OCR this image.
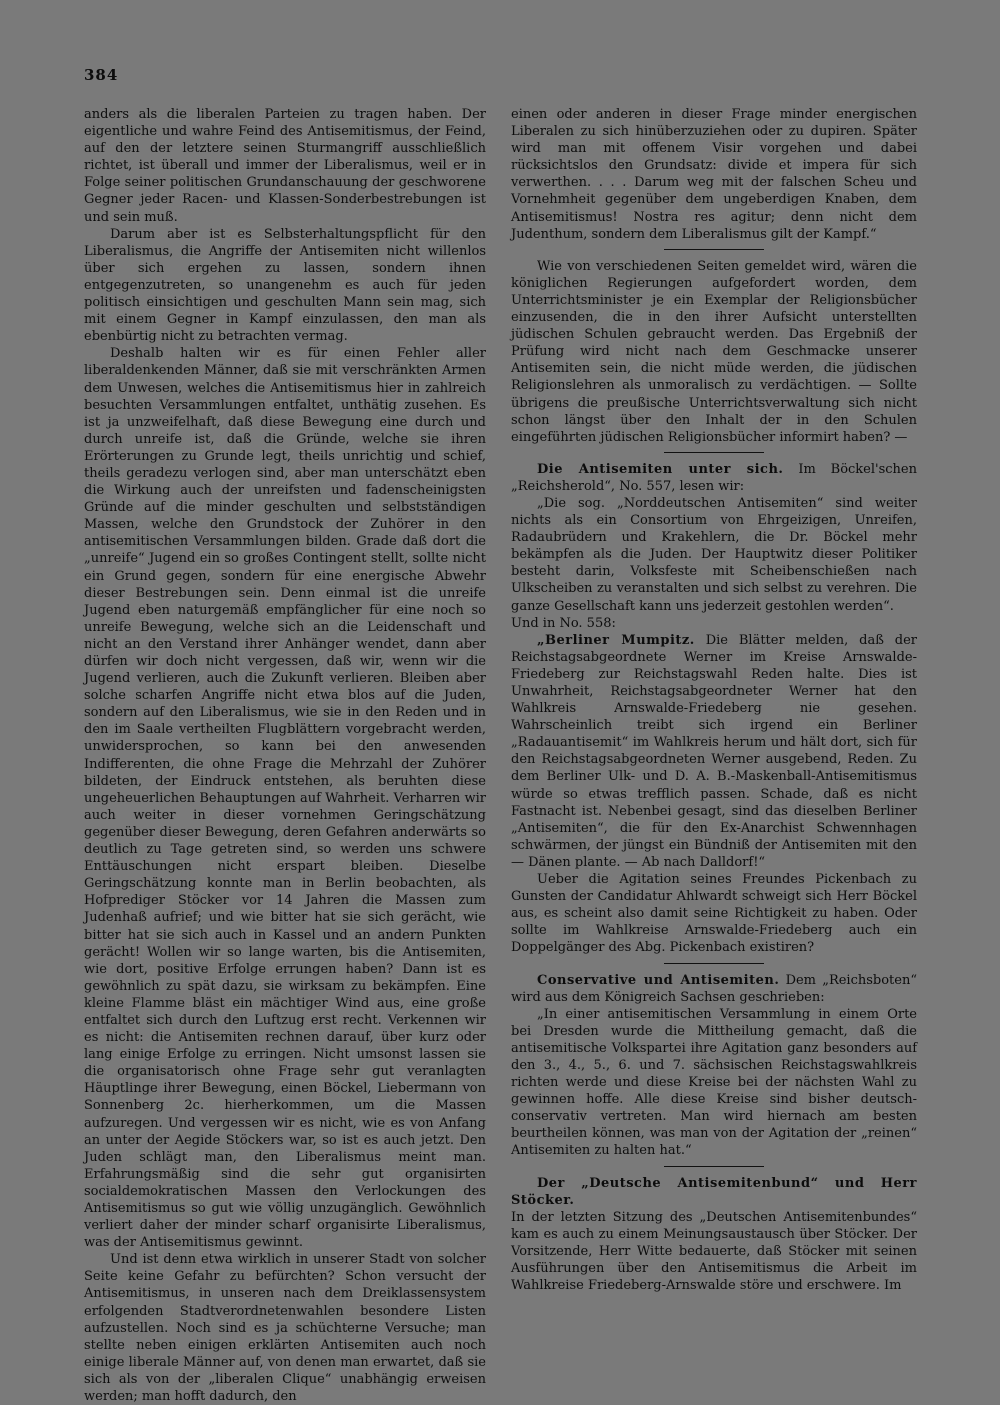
384

anders als die liberalen Parteien zu tragen haben. Der eigentliche und wahre Feind des Antisemitismus, der Feind, auf den der letztere seinen Sturmangriff ausschließlich richtet, ist überall und immer der Liberalismus, weil er in Folge seiner politischen Grundanschauung der geschworene Gegner jeder Racen- und Klassen-Sonderbestrebungen ist und sein muß.

Darum aber ist es Selbsterhaltungspflicht für den Liberalismus, die Angriffe der Antisemiten nicht willenlos über sich ergehen zu lassen, sondern ihnen entgegenzutreten, so unangenehm es auch für jeden politisch einsichtigen und geschulten Mann sein mag, sich mit einem Gegner in Kampf einzulassen, den man als ebenbürtig nicht zu betrachten vermag.

Deshalb halten wir es für einen Fehler aller liberaldenkenden Männer, daß sie mit verschränkten Armen dem Unwesen, welches die Antisemitismus hier in zahlreich besuchten Versammlungen entfaltet, unthätig zusehen. Es ist ja unzweifelhaft, daß diese Bewegung eine durch und durch unreife ist, daß die Gründe, welche sie ihren Erörterungen zu Grunde legt, theils unrichtig und schief, theils geradezu verlogen sind, aber man unterschätzt eben die Wirkung auch der unreifsten und fadenscheinigsten Gründe auf die minder geschulten und selbstständigen Massen, welche den Grundstock der Zuhörer in den antisemitischen Versammlungen bilden. Grade daß dort die „unreife“ Jugend ein so großes Contingent stellt, sollte nicht ein Grund gegen, sondern für eine energische Abwehr dieser Bestrebungen sein. Denn einmal ist die unreife Jugend eben naturgemäß empfänglicher für eine noch so unreife Bewegung, welche sich an die Leidenschaft und nicht an den Verstand ihrer Anhänger wendet, dann aber dürfen wir doch nicht vergessen, daß wir, wenn wir die Jugend verlieren, auch die Zukunft verlieren. Bleiben aber solche scharfen Angriffe nicht etwa blos auf die Juden, sondern auf den Liberalismus, wie sie in den Reden und in den im Saale vertheilten Flugblättern vorgebracht werden, unwidersprochen, so kann bei den anwesenden Indifferenten, die ohne Frage die Mehrzahl der Zuhörer bildeten, der Eindruck entstehen, als beruhten diese ungeheuerlichen Behauptungen auf Wahrheit. Verharren wir auch weiter in dieser vornehmen Geringschätzung gegenüber dieser Bewegung, deren Gefahren anderwärts so deutlich zu Tage getreten sind, so werden uns schwere Enttäuschungen nicht erspart bleiben. Dieselbe Geringschätzung konnte man in Berlin beobachten, als Hofprediger Stöcker vor 14 Jahren die Massen zum Judenhaß aufrief; und wie bitter hat sie sich gerächt, wie bitter hat sie sich auch in Kassel und an andern Punkten gerächt! Wollen wir so lange warten, bis die Antisemiten, wie dort, positive Erfolge errungen haben? Dann ist es gewöhnlich zu spät dazu, sie wirksam zu bekämpfen. Eine kleine Flamme bläst ein mächtiger Wind aus, eine große entfaltet sich durch den Luftzug erst recht. Verkennen wir es nicht: die Antisemiten rechnen darauf, über kurz oder lang einige Erfolge zu erringen. Nicht umsonst lassen sie die organisatorisch ohne Frage sehr gut veranlagten Häuptlinge ihrer Bewegung, einen Böckel, Liebermann von Sonnenberg 2c. hierherkommen, um die Massen aufzuregen. Und vergessen wir es nicht, wie es von Anfang an unter der Aegide Stöckers war, so ist es auch jetzt. Den Juden schlägt man, den Liberalismus meint man. Erfahrungsmäßig sind die sehr gut organisirten socialdemokratischen Massen den Verlockungen des Antisemitismus so gut wie völlig unzugänglich. Gewöhnlich verliert daher der minder scharf organisirte Liberalismus, was der Antisemitismus gewinnt.

Und ist denn etwa wirklich in unserer Stadt von solcher Seite keine Gefahr zu befürchten? Schon versucht der Antisemitismus, in unseren nach dem Dreiklassensystem erfolgenden Stadtverordnetenwahlen besondere Listen aufzustellen. Noch sind es ja schüchterne Versuche; man stellte neben einigen erklärten Antisemiten auch noch einige liberale Männer auf, von denen man erwartet, daß sie sich als von der „liberalen Clique“ unabhängig erweisen werden; man hofft dadurch, den

einen oder anderen in dieser Frage minder energischen Liberalen zu sich hinüberzuziehen oder zu dupiren. Später wird man mit offenem Visir vorgehen und dabei rücksichtslos den Grundsatz: divide et impera für sich verwerthen. . . . Darum weg mit der falschen Scheu und Vornehmheit gegenüber dem ungeberdigen Knaben, dem Antisemitismus! Nostra res agitur; denn nicht dem Judenthum, sondern dem Liberalismus gilt der Kampf.“

Wie von verschiedenen Seiten gemeldet wird, wären die königlichen Regierungen aufgefordert worden, dem Unterrichtsminister je ein Exemplar der Religionsbücher einzusenden, die in den ihrer Aufsicht unterstellten jüdischen Schulen gebraucht werden. Das Ergebniß der Prüfung wird nicht nach dem Geschmacke unserer Antisemiten sein, die nicht müde werden, die jüdischen Religionslehren als unmoralisch zu verdächtigen. — Sollte übrigens die preußische Unterrichtsverwaltung sich nicht schon längst über den Inhalt der in den Schulen eingeführten jüdischen Religionsbücher informirt haben? —

Die Antisemiten unter sich. Im Böckel'schen „Reichsherold“, No. 557, lesen wir:

„Die sog. „Norddeutschen Antisemiten“ sind weiter nichts als ein Consortium von Ehrgeizigen, Unreifen, Radaubrüdern und Krakehlern, die Dr. Böckel mehr bekämpfen als die Juden. Der Hauptwitz dieser Politiker besteht darin, Volksfeste mit Scheibenschießen nach Ulkscheiben zu veranstalten und sich selbst zu verehren. Die ganze Gesellschaft kann uns jederzeit gestohlen werden“.

Und in No. 558:

„Berliner Mumpitz. Die Blätter melden, daß der Reichstagsabgeordnete Werner im Kreise Arnswalde-Friedeberg zur Reichstagswahl Reden halte. Dies ist Unwahrheit, Reichstagsabgeordneter Werner hat den Wahlkreis Arnswalde-Friedeberg nie gesehen. Wahrscheinlich treibt sich irgend ein Berliner „Radauantisemit“ im Wahlkreis herum und hält dort, sich für den Reichstagsabgeordneten Werner ausgebend, Reden. Zu dem Berliner Ulk- und D. A. B.-Maskenball-Antisemitismus würde so etwas trefflich passen. Schade, daß es nicht Fastnacht ist. Nebenbei gesagt, sind das dieselben Berliner „Antisemiten“, die für den Ex-Anarchist Schwennhagen schwärmen, der jüngst ein Bündniß der Antisemiten mit den — Dänen plante. — Ab nach Dalldorf!“

Ueber die Agitation seines Freundes Pickenbach zu Gunsten der Candidatur Ahlwardt schweigt sich Herr Böckel aus, es scheint also damit seine Richtigkeit zu haben. Oder sollte im Wahlkreise Arnswalde-Friedeberg auch ein Doppelgänger des Abg. Pickenbach existiren?

Conservative und Antisemiten. Dem „Reichsboten“ wird aus dem Königreich Sachsen geschrieben:

„In einer antisemitischen Versammlung in einem Orte bei Dresden wurde die Mittheilung gemacht, daß die antisemitische Volkspartei ihre Agitation ganz besonders auf den 3., 4., 5., 6. und 7. sächsischen Reichstagswahlkreis richten werde und diese Kreise bei der nächsten Wahl zu gewinnen hoffe. Alle diese Kreise sind bisher deutsch-conservativ vertreten. Man wird hiernach am besten beurtheilen können, was man von der Agitation der „reinen“ Antisemiten zu halten hat.“

Der „Deutsche Antisemitenbund“ und Herr Stöcker.

In der letzten Sitzung des „Deutschen Antisemitenbundes“ kam es auch zu einem Meinungsaustausch über Stöcker. Der Vorsitzende, Herr Witte bedauerte, daß Stöcker mit seinen Ausführungen über den Antisemitismus die Arbeit im Wahlkreise Friedeberg-Arnswalde störe und erschwere. Im
